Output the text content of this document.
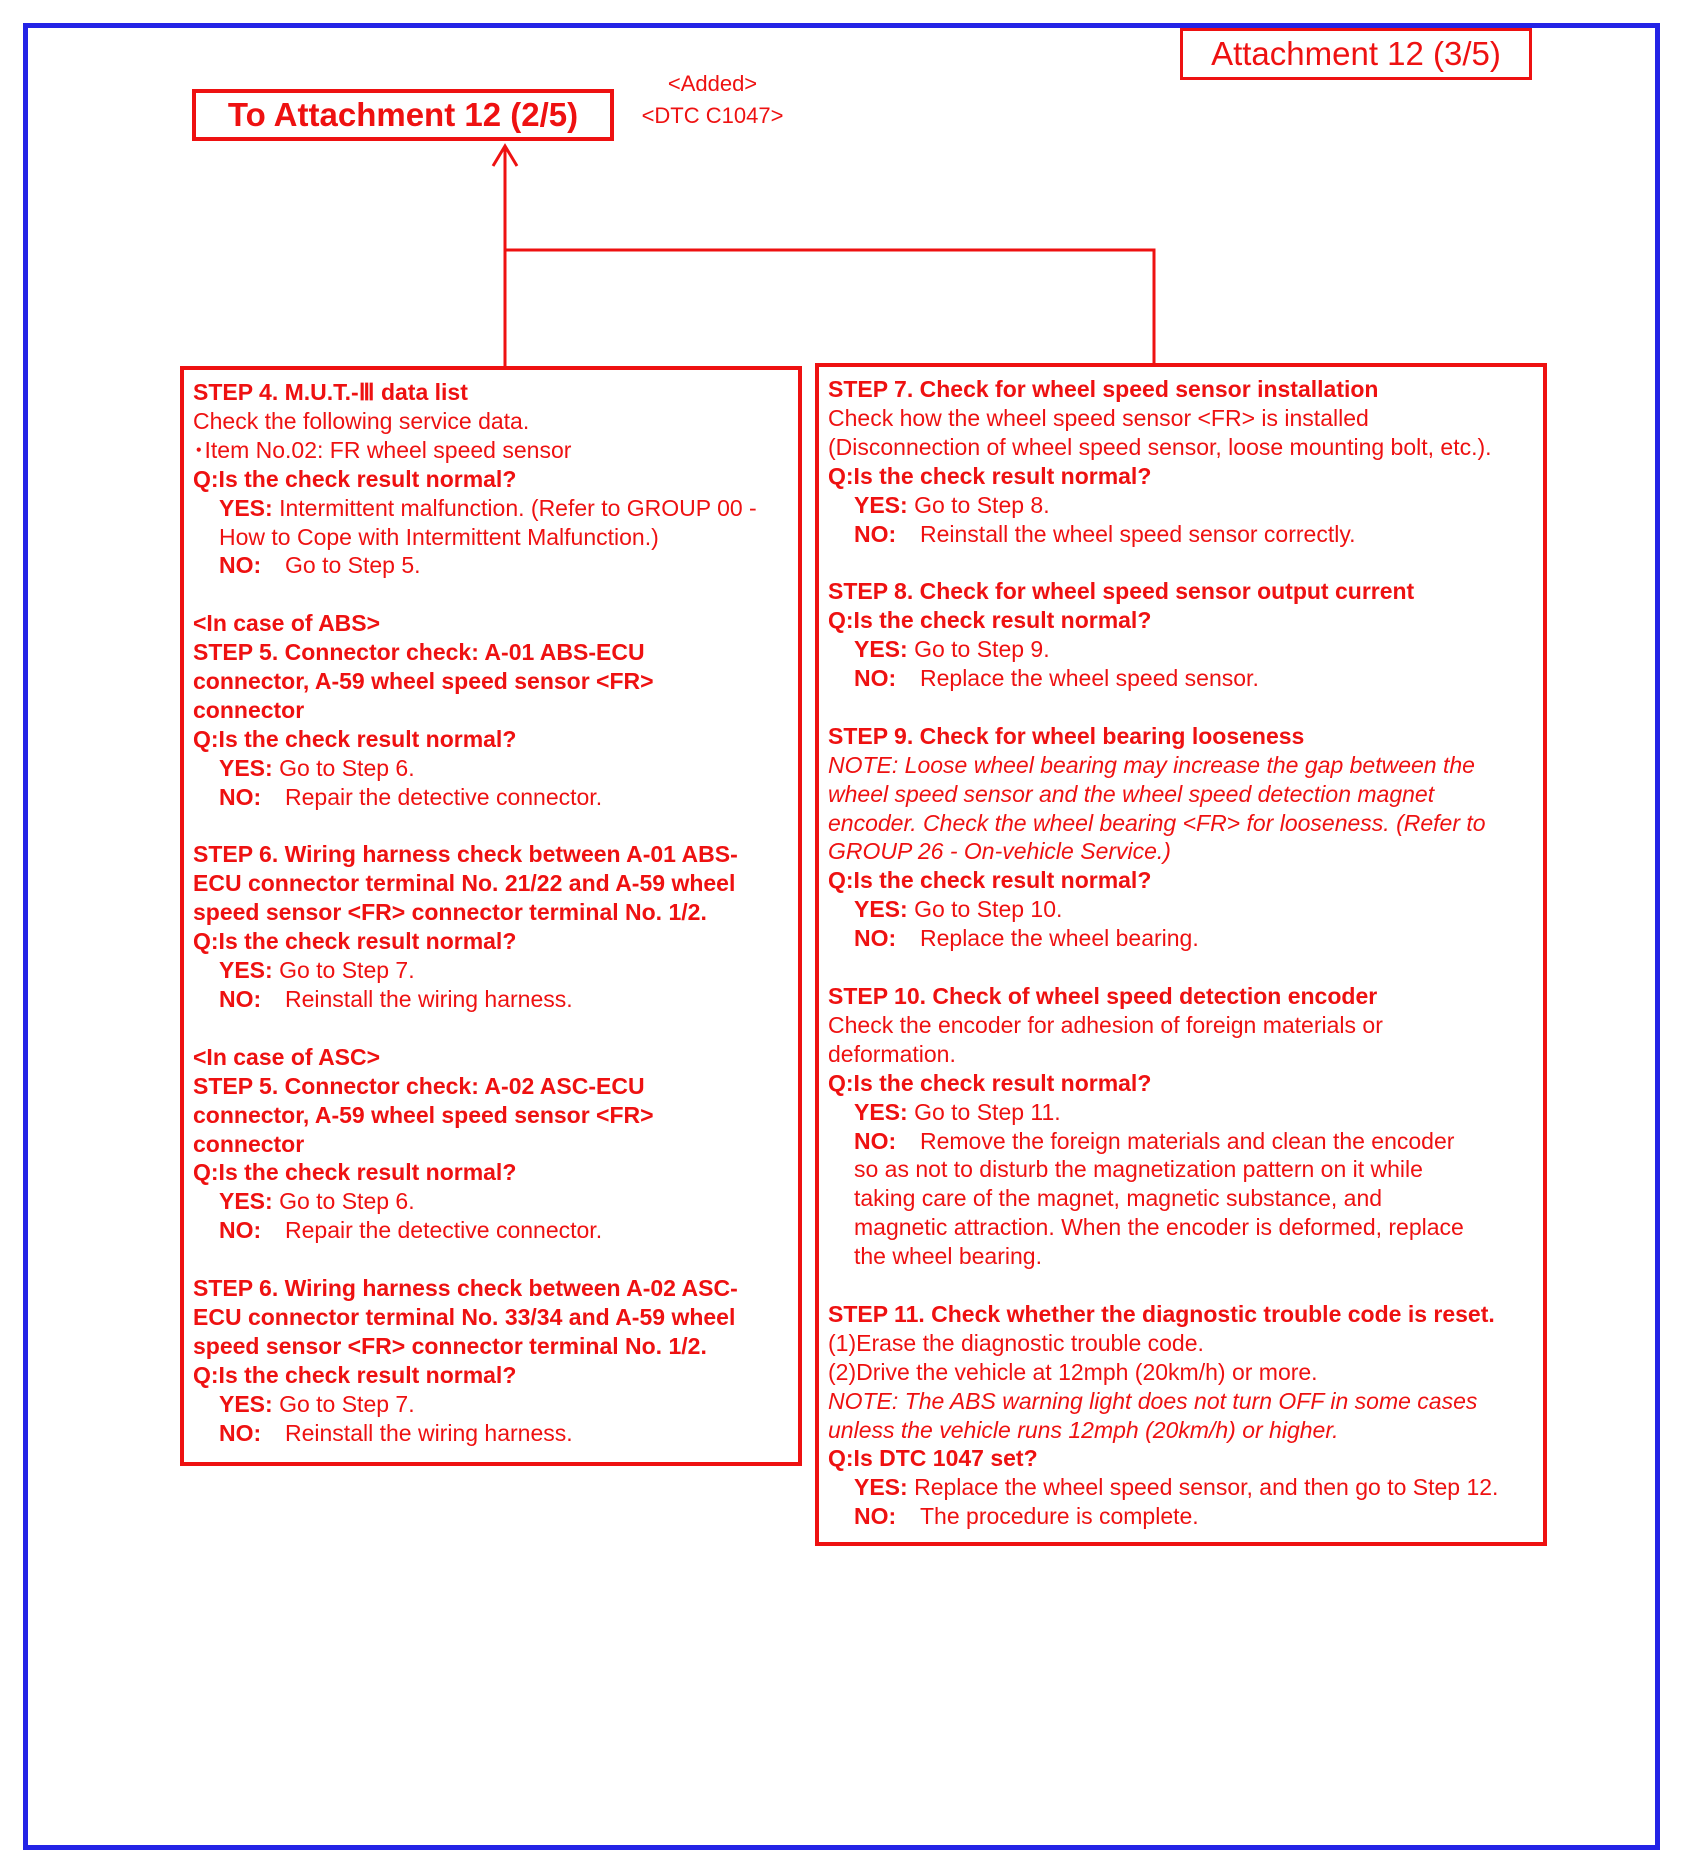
Attachment 12 (3/5)
To Attachment 12 (2/5)
<Added>
<DTC C1047>
STEP 4. M.U.T.-Ⅲ data list
Check the following service data.
･Item No.02: FR wheel speed sensor
Q:Is the check result normal?
YES: Intermittent malfunction. (Refer to GROUP 00 -
How to Cope with Intermittent Malfunction.)
NO: Go to Step 5.
<In case of ABS>
STEP 5. Connector check: A-01 ABS-ECU
connector, A-59 wheel speed sensor <FR>
connector
Q:Is the check result normal?
YES: Go to Step 6.
NO: Repair the detective connector.
STEP 6. Wiring harness check between A-01 ABS-
ECU connector terminal No. 21/22 and A-59 wheel
speed sensor <FR> connector terminal No. 1/2.
Q:Is the check result normal?
YES: Go to Step 7.
NO: Reinstall the wiring harness.
<In case of ASC>
STEP 5. Connector check: A-02 ASC-ECU
connector, A-59 wheel speed sensor <FR>
connector
Q:Is the check result normal?
YES: Go to Step 6.
NO: Repair the detective connector.
STEP 6. Wiring harness check between A-02 ASC-
ECU connector terminal No. 33/34 and A-59 wheel
speed sensor <FR> connector terminal No. 1/2.
Q:Is the check result normal?
YES: Go to Step 7.
NO: Reinstall the wiring harness.
STEP 7. Check for wheel speed sensor installation
Check how the wheel speed sensor <FR> is installed
(Disconnection of wheel speed sensor, loose mounting bolt, etc.).
Q:Is the check result normal?
YES: Go to Step 8.
NO: Reinstall the wheel speed sensor correctly.
STEP 8. Check for wheel speed sensor output current
Q:Is the check result normal?
YES: Go to Step 9.
NO: Replace the wheel speed sensor.
STEP 9. Check for wheel bearing looseness
NOTE: Loose wheel bearing may increase the gap between the
wheel speed sensor and the wheel speed detection magnet
encoder. Check the wheel bearing <FR> for looseness. (Refer to
GROUP 26 - On-vehicle Service.)
Q:Is the check result normal?
YES: Go to Step 10.
NO: Replace the wheel bearing.
STEP 10. Check of wheel speed detection encoder
Check the encoder for adhesion of foreign materials or
deformation.
Q:Is the check result normal?
YES: Go to Step 11.
NO: Remove the foreign materials and clean the encoder
so as not to disturb the magnetization pattern on it while
taking care of the magnet, magnetic substance, and
magnetic attraction. When the encoder is deformed, replace
the wheel bearing.
STEP 11. Check whether the diagnostic trouble code is reset.
(1)Erase the diagnostic trouble code.
(2)Drive the vehicle at 12mph (20km/h) or more.
NOTE: The ABS warning light does not turn OFF in some cases
unless the vehicle runs 12mph (20km/h) or higher.
Q:Is DTC 1047 set?
YES: Replace the wheel speed sensor, and then go to Step 12.
NO: The procedure is complete.
